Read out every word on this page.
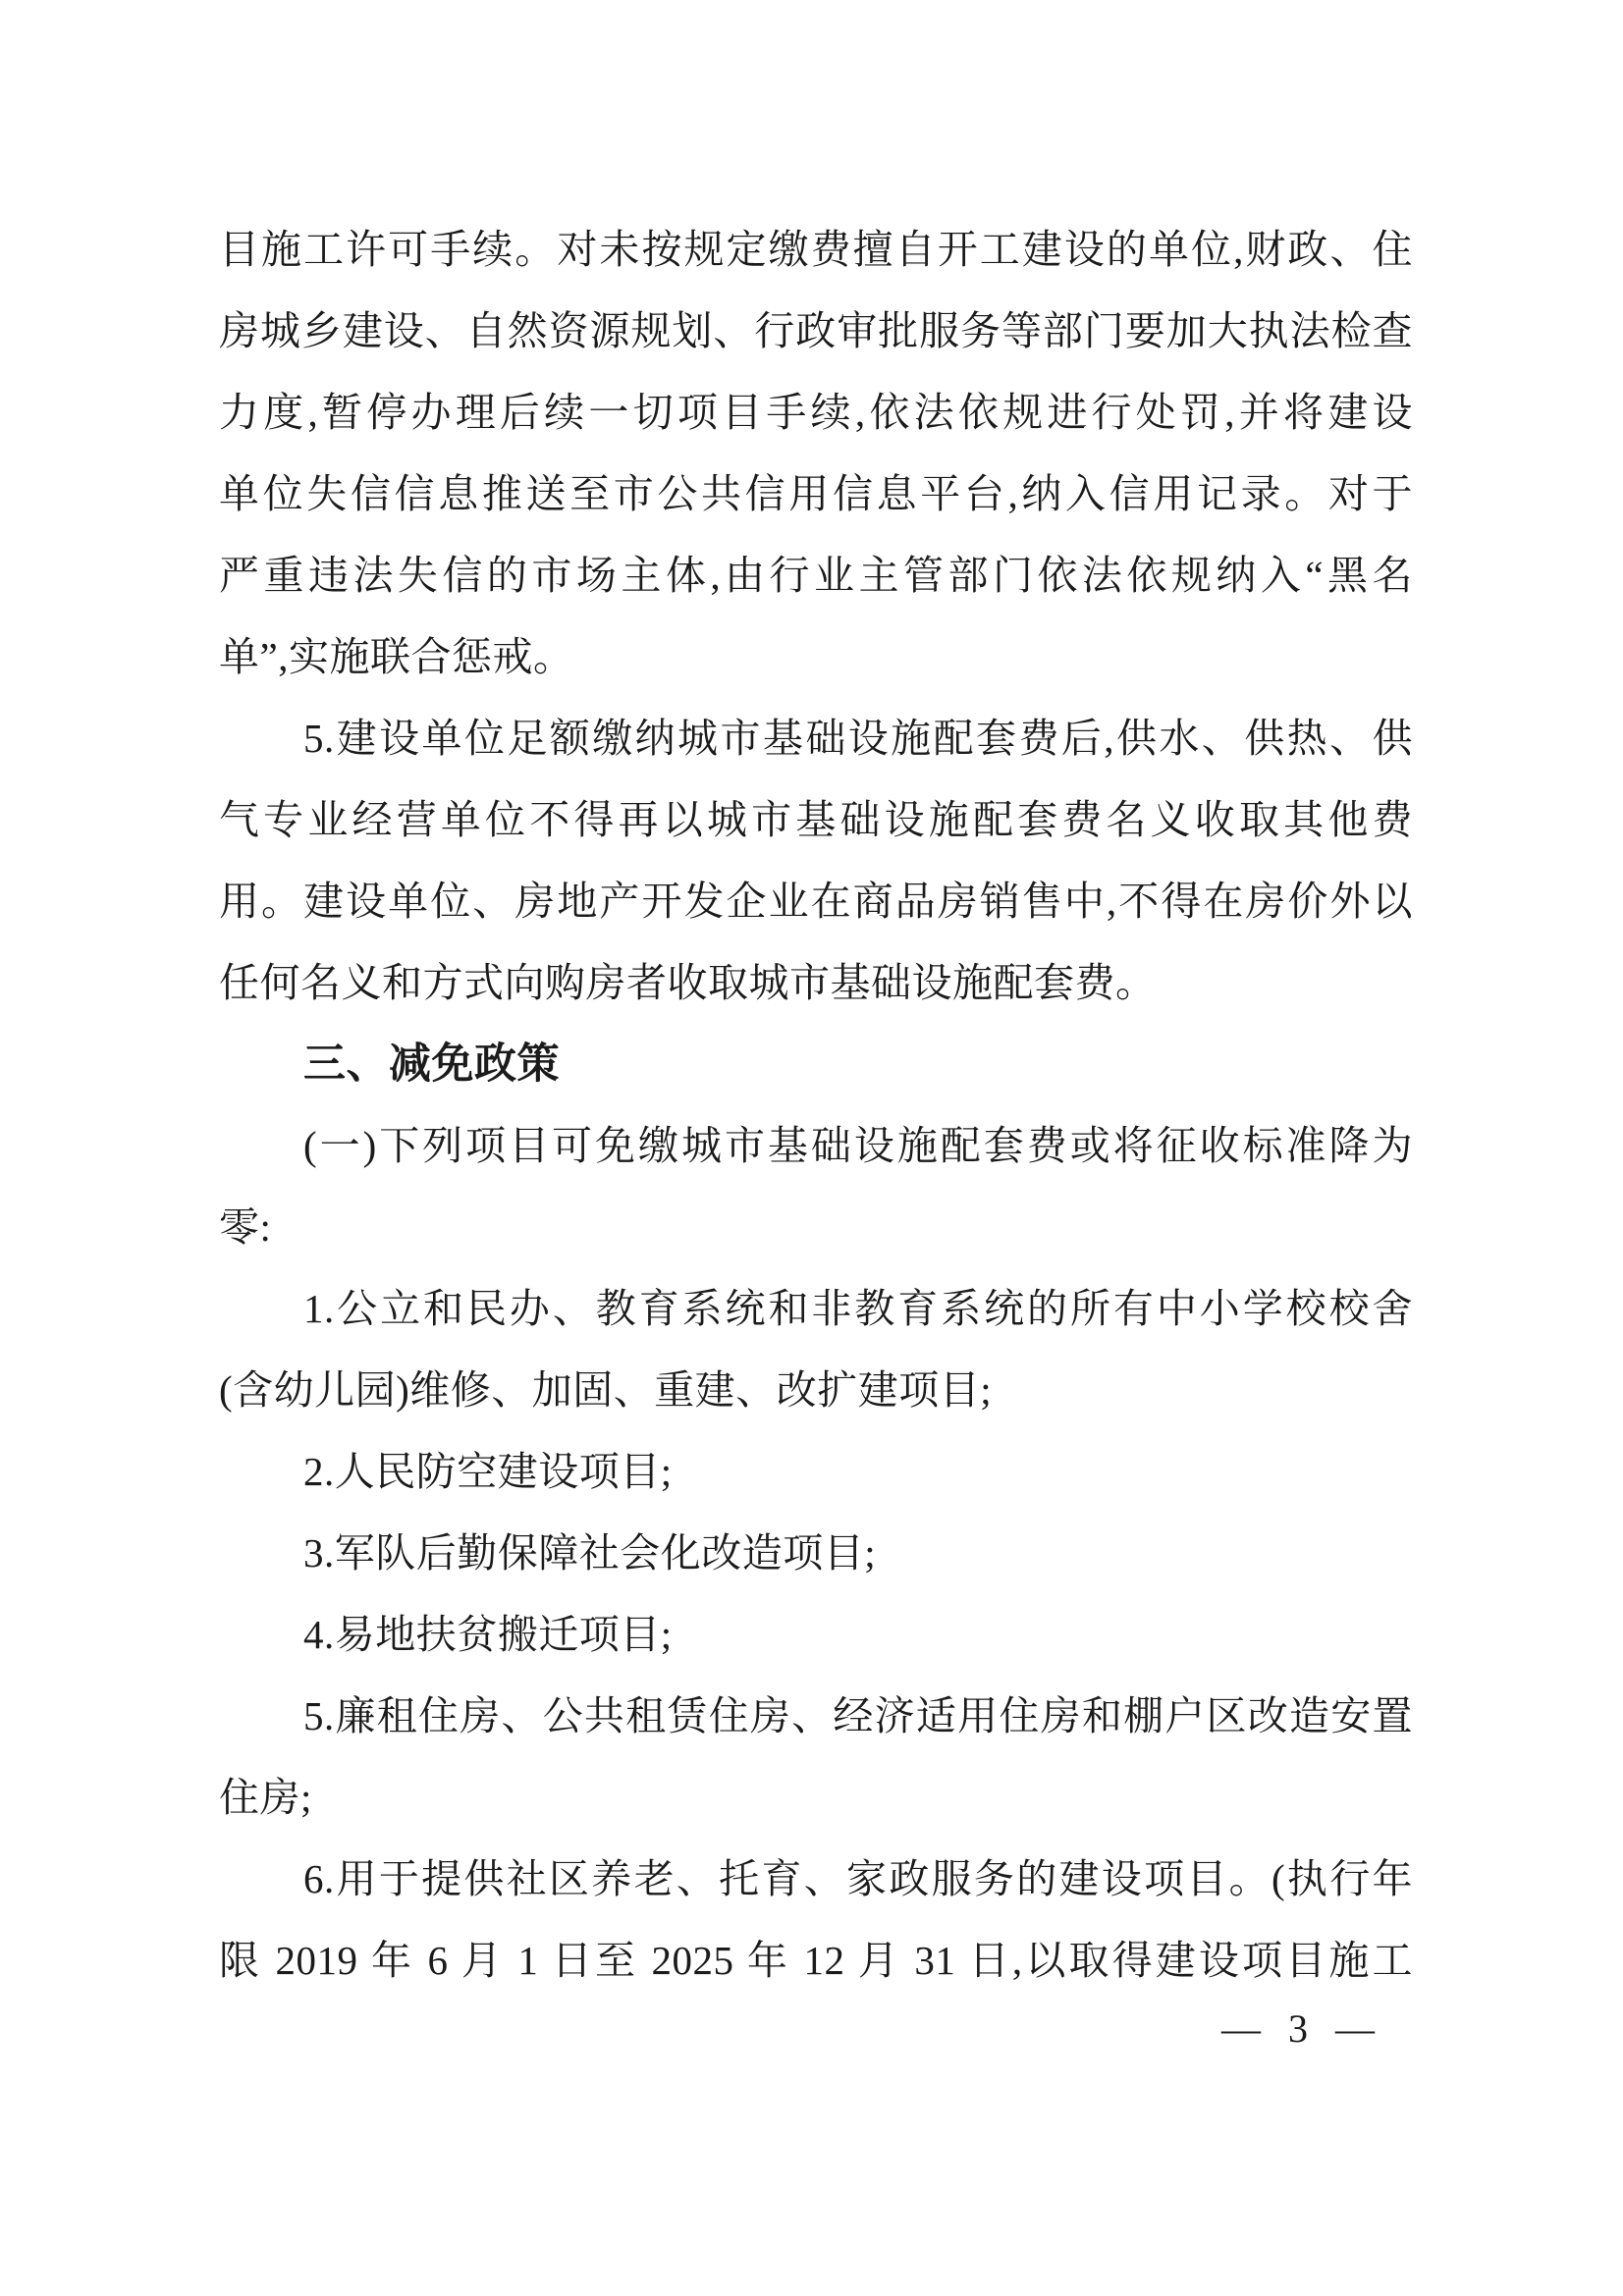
目施工许可手续。对未按规定缴费擅自开工建设的单位,财政、住
房城乡建设、自然资源规划、行政审批服务等部门要加大执法检查
力度,暂停办理后续一切项目手续,依法依规进行处罚,并将建设
单位失信信息推送至市公共信用信息平台,纳入信用记录。对于
严重违法失信的市场主体,由行业主管部门依法依规纳入“黑名
单”,实施联合惩戒。
5.建设单位足额缴纳城市基础设施配套费后,供水、供热、供
气专业经营单位不得再以城市基础设施配套费名义收取其他费
用。建设单位、房地产开发企业在商品房销售中,不得在房价外以
任何名义和方式向购房者收取城市基础设施配套费。
三、减免政策
(一)下列项目可免缴城市基础设施配套费或将征收标准降为
零:
1.公立和民办、教育系统和非教育系统的所有中小学校校舍
(含幼儿园)维修、加固、重建、改扩建项目;
2.人民防空建设项目;
3.军队后勤保障社会化改造项目;
4.易地扶贫搬迁项目;
5.廉租住房、公共租赁住房、经济适用住房和棚户区改造安置
住房;
6.用于提供社区养老、托育、家政服务的建设项目。(执行年
限 2019 年 6 月 1 日至 2025 年 12 月 31 日,以取得建设项目施工
— 3 —
